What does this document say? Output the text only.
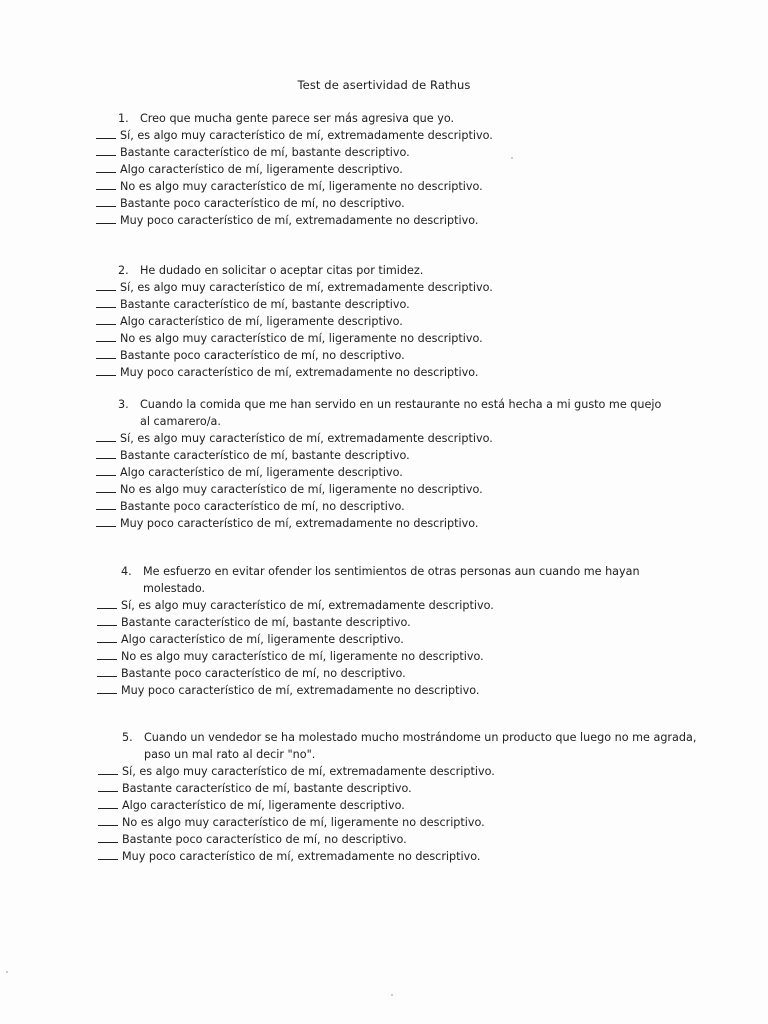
Test de asertividad de Rathus
1. Creo que mucha gente parece ser más agresiva que yo.
Sí, es algo muy característico de mí, extremadamente descriptivo.
Bastante característico de mí, bastante descriptivo.
Algo característico de mí, ligeramente descriptivo.
No es algo muy característico de mí, ligeramente no descriptivo.
Bastante poco característico de mí, no descriptivo.
Muy poco característico de mí, extremadamente no descriptivo.
2. He dudado en solicitar o aceptar citas por timidez.
Sí, es algo muy característico de mí, extremadamente descriptivo.
Bastante característico de mí, bastante descriptivo.
Algo característico de mí, ligeramente descriptivo.
No es algo muy característico de mí, ligeramente no descriptivo.
Bastante poco característico de mí, no descriptivo.
Muy poco característico de mí, extremadamente no descriptivo.
3. Cuando la comida que me han servido en un restaurante no está hecha a mi gusto me quejo al camarero/a.
Sí, es algo muy característico de mí, extremadamente descriptivo.
Bastante característico de mí, bastante descriptivo.
Algo característico de mí, ligeramente descriptivo.
No es algo muy característico de mí, ligeramente no descriptivo.
Bastante poco característico de mí, no descriptivo.
Muy poco característico de mí, extremadamente no descriptivo.
4. Me esfuerzo en evitar ofender los sentimientos de otras personas aun cuando me hayan molestado.
Sí, es algo muy característico de mí, extremadamente descriptivo.
Bastante característico de mí, bastante descriptivo.
Algo característico de mí, ligeramente descriptivo.
No es algo muy característico de mí, ligeramente no descriptivo.
Bastante poco característico de mí, no descriptivo.
Muy poco característico de mí, extremadamente no descriptivo.
5. Cuando un vendedor se ha molestado mucho mostrándome un producto que luego no me agrada, paso un mal rato al decir "no".
Sí, es algo muy característico de mí, extremadamente descriptivo.
Bastante característico de mí, bastante descriptivo.
Algo característico de mí, ligeramente descriptivo.
No es algo muy característico de mí, ligeramente no descriptivo.
Bastante poco característico de mí, no descriptivo.
Muy poco característico de mí, extremadamente no descriptivo.
